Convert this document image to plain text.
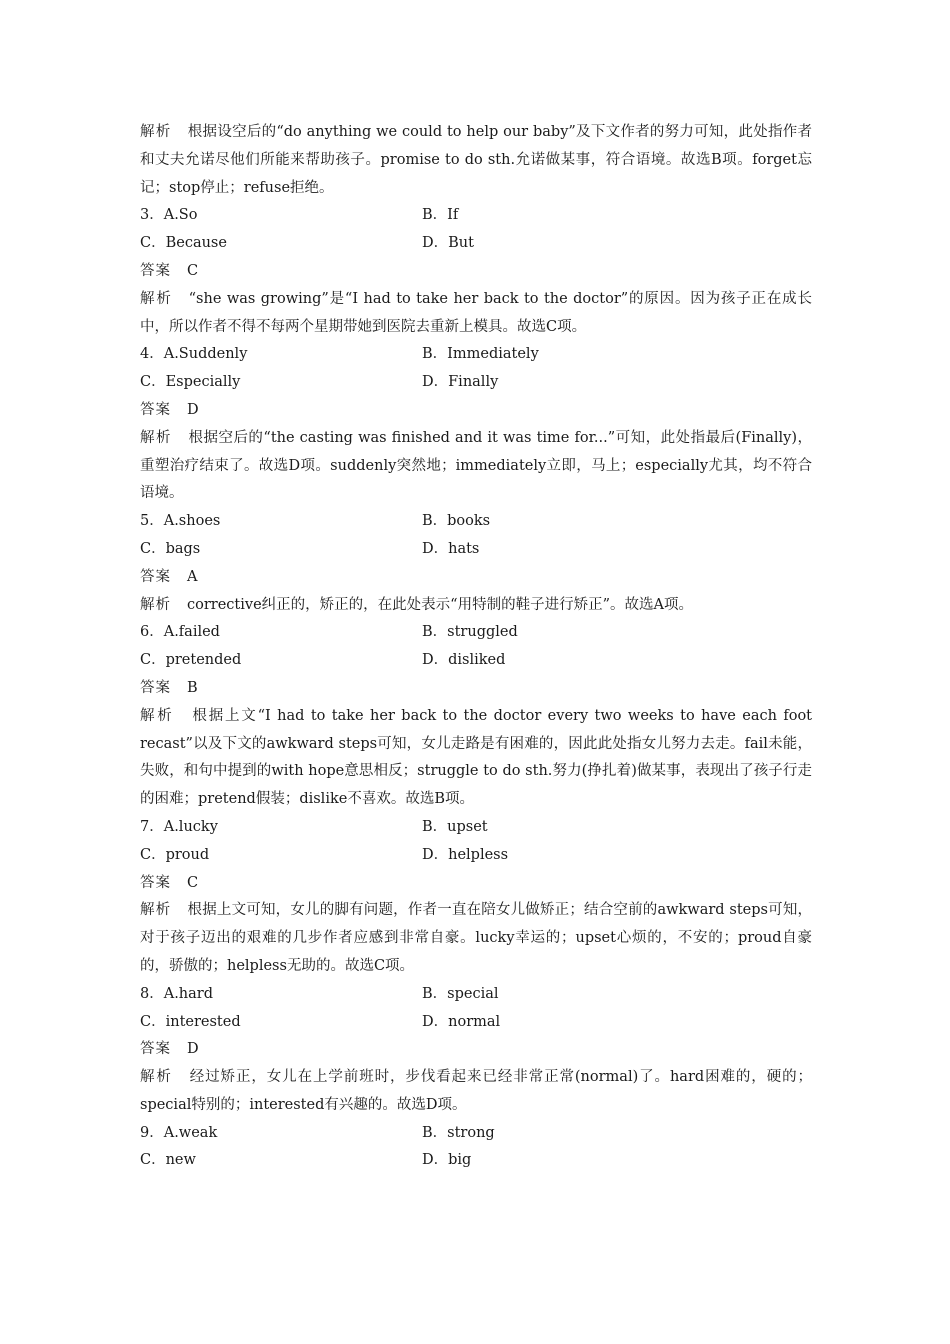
解析 根据设空后的“do anything we could to help our baby”及下文作者的努力可知，此处指作者和丈夫允诺尽他们所能来帮助孩子。promise to do sth.允诺做某事，符合语境。故选B项。forget忘记；stop停止；refuse拒绝。
3．A.So	B．If
C．Because	D．But
答案 C
解析 “she was growing”是“I had to take her back to the doctor”的原因。因为孩子正在成长中，所以作者不得不每两个星期带她到医院去重新上模具。故选C项。
4．A.Suddenly	B．Immediately
C．Especially	D．Finally
答案 D
解析 根据空后的“the casting was finished and it was time for...”可知，此处指最后(Finally)，重塑治疗结束了。故选D项。suddenly突然地；immediately立即，马上；especially尤其，均不符合语境。
5．A.shoes	B．books
C．bags	D．hats
答案 A
解析 corrective纠正的，矫正的，在此处表示“用特制的鞋子进行矫正”。故选A项。
6．A.failed	B．struggled
C．pretended	D．disliked
答案 B
解析 根据上文“I had to take her back to the doctor every two weeks to have each foot recast”以及下文的awkward steps可知，女儿走路是有困难的，因此此处指女儿努力去走。fail未能，失败，和句中提到的with hope意思相反；struggle to do sth.努力(挣扎着)做某事，表现出了孩子行走的困难；pretend假装；dislike不喜欢。故选B项。
7．A.lucky	B．upset
C．proud	D．helpless
答案 C
解析 根据上文可知，女儿的脚有问题，作者一直在陪女儿做矫正；结合空前的awkward steps可知，对于孩子迈出的艰难的几步作者应感到非常自豪。lucky幸运的；upset心烦的，不安的；proud自豪的，骄傲的；helpless无助的。故选C项。
8．A.hard	B．special
C．interested	D．normal
答案 D
解析 经过矫正，女儿在上学前班时，步伐看起来已经非常正常(normal)了。hard困难的，硬的；special特别的；interested有兴趣的。故选D项。
9．A.weak	B．strong
C．new	D．big
